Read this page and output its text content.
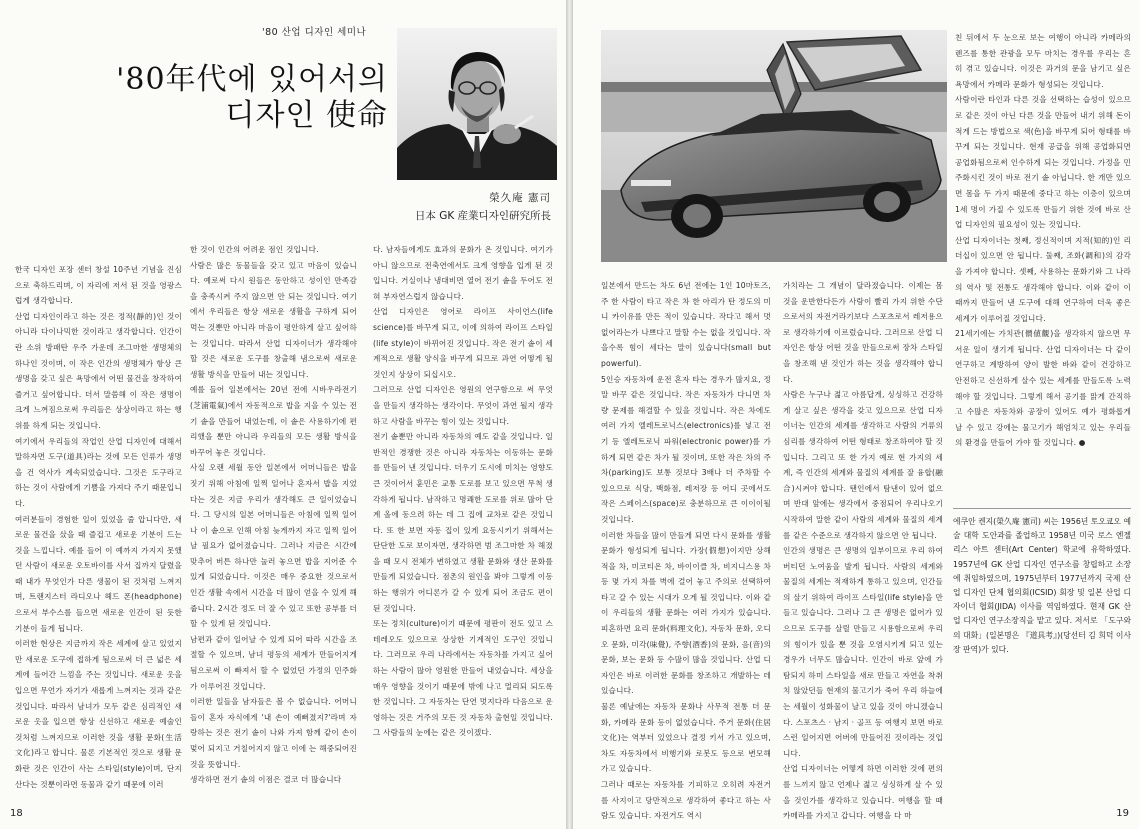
'80 산업 디자인 세미나
'80年代에 있어서의
디자인 使命
榮久庵 憲司
日本 GK 産業디자인硏究所長
한국 디자인 포장 센터 창설 10주년 기념을 진심으로 축하드리며, 이 자리에 저서 된 것을 영광스럽게 생각합니다.
산업 디자인이라고 하는 것은 정적(靜的)인 것이 아니라 다이나믹한 것이라고 생각합니다. 인간이란 소위 방패탄 우주 가운데 조그마한 생명체의 하나인 것이며, 이 작은 인간의 생명체가 항상 큰 생명을 갖고 싶은 욕망에서 어떤 물건을 창작하여 즐거고 싶어합니다. 더서 말씀해 이 작은 생명이 크게 느껴짐으로써 우리들은 상상이라고 하는 행위를 하게 되는 것입니다.
여기에서 우리들의 작업인 산업 디자인에 대해서 말하자면 도구(道具)라는 것에 모든 인류가 생명을 건 역사가 계속되었습니다. 그것은 도구라고 하는 것이 사람에게 기쁨을 가져다 주기 때문입니다.
여러분들이 경험한 일이 있었을 줄 압니다만, 새로운 물건을 샀을 때 즐겁고 새로운 기분이 드는 것을 느낍니다. 예를 들어 이 예까지 가지지 못했던 사람이 새로운 오토바이를 사서 집까지 달렸을 때 내가 무엇인가 다른 생물이 된 것처럼 느껴지며, 트랜지스터 라디오나 헤드 폰(headphone)으로서 부수스를 들으면 새로운 인간이 된 듯한 기분이 들게 됩니다.
이러한 현상은 지금까지 작은 세계에 살고 있었지만 새로운 도구에 접하게 됨으로써 더 큰 넓은 세계에 들어간 느낌을 주는 것입니다. 새로운 옷을 입으면 무언가 자기가 새롭게 느껴지는 것과 같은 것입니다. 따라서 남녀가 모두 같은 심리적인 새로운 옷을 입으면 항상 신선하고 새로운 예술인 것처럼 느껴지므로 이러한 것을 생활 문화(生活文化)라고 합니다. 물론 기본적인 것으로 생활 문화란 것은 인간이 사는 스타일(style)이며, 단지 산다는 것뿐이라면 동물과 같기 때문에 이러
한 것이 인간의 어려운 점인 것입니다.
사람은 많은 동물들을 갖고 있고 마음이 있습니다. 예로써 다시 원들은 동안하고 성이인 만족감을 충족시켜 주지 않으면 안 되는 것입니다. 여기에서 우리들은 항상 새로운 생활을 구하게 되어 먹는 것뿐만 아니라 마음이 평안하게 살고 싶어하는 것입니다. 따라서 산업 디자이너가 생각해야 할 것은 새로운 도구를 창출해 냄으로써 새로운 생활 방식을 만들어 내는 것입니다.
예를 들어 일본에서는 20년 전에 시바우라전기(芝浦電氣)에서 자동적으로 밥을 지을 수 있는 전기 솥을 만들어 내었는데, 이 솥은 사용하기에 편리했을 뿐만 아니라 우리들의 모든 생활 방식을 바꾸어 놓은 것입니다.
사실 오랜 세월 동안 일본에서 어머니들은 밥을 짓기 위해 아침에 일찍 일어나 혼자서 밥을 지었다는 것은 지금 우리가 생각해도 큰 일이었습니다. 그 당시의 일본 어머니들은 아침에 일찍 일어나 이 솥으로 인해 아침 늦게까지 자고 일찍 일어날 필요가 없어졌습니다. 그러나 지금은 시간에 맞추어 버튼 하나만 눌러 놓으면 밥을 지어준 수 있게 되었습니다. 이것은 매우 중요한 것으로서 인간 생활 속에서 시간을 더 많이 얻을 수 있게 해줍니다. 2시간 정도 더 잘 수 있고 또한 공부를 더 할 수 있게 된 것입니다.
남편과 같이 일어날 수 있게 되어 따라 시간을 조절할 수 있으며, 남녀 평등의 세계가 만들어지게 됨으로써 이 빠져서 할 수 없었던 가정의 민주화가 이루어진 것입니다.
이러한 일들을 남자들은 볼 수 없습니다. 어머니들이 혼자 자식에게 '내 손이 예뻐졌지?'라며 자랑하는 것은 전기 솥이 나와 가져 함께 같이 손이 멎어 되지고 거칠어지지 않고 이에 는 해중되어진 것을 뜻합니다.
생각하면 전기 솥의 이점은 결코 더 많습니다
다. 남자들에게도 효과의 문화가 온 것입니다. 여기가 아니 않으므로 전축연에서도 크게 영향을 입게 된 것입니다. 거실이나 냉대비면 열어 전기 솥을 두어도 전혀 부자연스럽지 않습니다.
산업 디자인은 영어로 라이프 사이언스(life science)를 바꾸게 되고, 이에 의하여 라이프 스타일(life style)이 바뀌어진 것입니다. 작은 전기 솥이 세계적으로 생활 양식을 바꾸게 되므로 과연 어떻게 될 것인지 상상이 되십시오.
그러므로 산업 디자인은 영원의 연구함으로 써 무엇을 만들지 생각하는 생각이다. 무엇이 과연 될지 생각하고 사람을 바꾸는 힘이 있는 것입니다.
전기 솥뿐만 아니라 자동차의 예도 같을 것입니다. 일반적인 경쟁한 것은 아니라 자동차는 이동하는 문화를 만들어 낸 것입니다. 더우기 도시에 미치는 영향도 큰 것이어서 훈민은 교통 도로를 보고 있으면 무척 생각하게 됩니다. 남작하고 명쾌한 도로를 위로 많아 단계 올에 동으려 하는 데 그 집에 교차로 같은 것입니다. 또 한 보면 자동 집이 있게 요동시키기 위해서는 단단한 도로 보이자면, 생각하면 범 조그마한 차 해졌을 때 모시 전체가 변하였고 생활 문화와 생산 문화를 만들게 되었습니다. 점촌의 원인을 봐야 그렇게 이동하는 행위가 어디론가 갈 수 있게 되어 조금도 편이 된 것입니다.
또는 정치(culture)이기 때문에 평판이 전도 있고 스테레오도 있으므로 상상한 기계적인 도구인 것입니다. 그러므로 우리 나라에서는 자동차를 가지고 싶어하는 사람이 많아 영원한 만들어 내었습니다. 세상을 매우 영향을 것이기 때문에 밖에 나고 멀리되 되도록 한 것입니다. 그 자동차는 단연 멋지다라 다음으로 운영하는 것은 거주의 모든 것 자동차 출현일 것입니다. 그 사람들의 눈에는 같은 것이겠다.
18
일본에서 만드는 차도 6년 전에는 1인 10마토즈, 주 한 사람이 타고 작은 차 한 아리가 탄 정도의 미니 카이유를 만든 적이 있습니다. 작다고 해서 멋없어라는가 나쁘다고 말할 수는 없을 것입니다. 작을수록 힘이 세다는 말이 있습니다(small but powerful).
5인승 자동차에 운전 혼자 타는 경우가 많지요, 정말 바꾸 같은 것입니다. 작은 자동차가 다니면 차량 문제를 해결할 수 있을 것입니다. 작은 차에도 여러 가지 엘레트로닉스(electronics)를 넣고 전기 등 엘레트로닉 파워(electronic power)를 가하게 되면 같은 차가 될 것이며, 또한 작은 차의 주차(parking)도 보통 것보다 3배나 더 주차할 수 있으므로 식당, 백화점, 레저장 등 어디 곳에서도 작은 스페이스(space)로 충분하므로 큰 이이이될 것입니다.
이러한 차들을 많이 만들게 되면 다시 문화를 생활 문화가 형성되게 됩니다. 가장(假想)이지만 상해적을 차, 미코티온 차, 바이이클 차, 비지니스용 차 등 몇 가지 차를 벽에 걸어 놓고 주의로 선택하여 타고 갈 수 있는 시대가 오게 될 것입니다. 이와 같이 우리들의 생활 문화는 여러 가지가 있습니다. 피혼하면 요리 문화(料理文化), 자동차 문화, 오디오 문화, 미각(味覺), 주향(酒香)의 문화, 음(音)의 문화, 보는 문화 등 수많이 많을 것입니다. 산업 디자인은 바로 이러한 문화를 창조하고 개발하는 데 있습니다.
물론 예날에는 자동차 문화나 사무적 전통 더 문화, 카메라 문화 등이 없었습니다. 주거 문화(住居文化)는 역부터 있었으나 결정 키서 가고 있으며, 차도 자동차에서 비행기와 로봇도 등으로 변모해 가고 있습니다.
그러나 때로는 자동차를 기피하고 오히려 자전거를 사지이고 당만적으로 생각하여 좋다고 하는 사람도 있습니다. 자전거도 역시
가치라는 그 개념이 달라졌습니다. 이제는 몸 것을 운반한다든가 사람이 빨리 가지 위한 수단으로서의 자전거라기보다 스포츠로서 레저용으로 생각하기에 이르렀습니다. 그러므로 산업 디자인은 항상 어떤 것을 만들으로써 장차 스타일을 창조해 낸 것인가 하는 것을 생각해야 합니다.
사람은 누구나 젊고 아름답게, 싱싱하고 건강하게 살고 싶은 생각을 갖고 있으므로 산업 디자이너는 인간의 세계를 생각하고 사람의 거류의 심리를 생각하여 어떤 형태로 창조하여야 할 것입니다. 그리고 또 한 가지 예로 현 가지의 세계, 즉 인간의 세계와 물질의 세계를 잘 융합(融合)시켜야 합니다. 탠인에서 탐낸이 있어 없으며 반대 앞에는 생각에서 중점되어 우리나오기 시작하여 말한 같이 사람의 세계와 물질의 세계를 같은 수준으로 생각하지 않으면 안 됩니다.
인간의 생명은 큰 생명의 일부이므로 우리 하여 버티던 노여움을 발게 됩니다. 사람의 세계와 물질의 세계는 적재하게 통하고 있으며, 인간들의 살기 위하여 라이프 스타일(life style)을 만들고 있습니다. 그러나 그 큰 생명은 없어가 있으므로 도구를 살릴 만들고 시용함으로써 우리의 힘이가 있을 뿐 것을 오염시키게 되고 있는 경우가 너무도 많습니다. 인간이 바로 앞에 가탐되지 하미 스타일을 새로 만들고 자연을 착취치 않았던들 현재의 물고기가 죽어 우리 하늘에는 세월이 성화물이 날고 있을 것이 아니겠습니다. 스포츠스 · 남지 · 골프 등 여행지 보면 바로스런 일어지면 어버에 만들어진 것이라는 것입니다.
산업 디자이너는 어떻게 하면 이러한 것에 편의를 느끼지 않고 언제나 젊고 싱싱하게 살 수 있을 것인가를 생각하고 있습니다. 여행을 할 때 카메라를 가지고 갑니다. 여행을 다 마
친 뒤에서 두 눈으로 보는 여행이 아니라 카메라의 렌즈를 통한 관광을 모두 마치는 경우를 우리는 흔히 겪고 있습니다. 이것은 과거의 문을 남기고 싶은 욕망에서 카메라 문화가 형성되는 것입니다.
사람이란 타인과 다른 것을 선택하는 습성이 있으므로 같은 것이 아닌 다른 것을 만들어 내기 위해 돈이 적게 드는 방법으로 색(色)을 바꾸게 되어 형태를 바꾸게 되는 것입니다. 현재 공급을 위해 공업화되면 공업화됨으로써 인수하게 되는 것입니다. 가정을 민주화시킨 것이 바로 전기 솥 아닙니다. 한 개만 있으면 몸을 두 가지 때문에 중다고 하는 이층이 있으며 1세 명이 가질 수 있도록 만들기 위한 것에 바로 산업 디자인의 필요성이 있는 것입니다.
산업 디자이너는 첫째, 정신적이며 지적(知的)인 리더십이 있으면 안 됩니다. 둘째, 조화(調和)의 감각을 가져야 합니다. 셋째, 사용하는 문화기와 그 나라의 역사 및 전통도 생각해야 합니다. 이와 같이 이 때까지 만들어 낸 도구에 대해 연구하여 더욱 좋은 세계가 이루어질 것입니다.
21세기에는 가치관(價値觀)을 생각하지 않으면 무서운 일이 생기게 됩니다. 산업 디자이너는 다 같이 연구하고 계방하여 양이 발한 바와 같이 건강하고 안전하고 신선하게 살수 있는 세계를 만들도록 노력해야 할 것입니다. 그렇게 해서 공기를 맑게 간직하고 수많은 자동차와 공장이 있어도 예가 평화롭게 날 수 있고 강에는 물고기가 해엄치고 있는 우리들의 환경을 만들어 가야 할 것입니다. ●
에쿠안 켄지(榮久庵 憲司) 씨는 1956년 토오쿄오 예술 대학 도안과를 졸업하고 1958년 미국 로스 엔젤리스 아트 센터(Art Center) 학교에 유학하였다. 1957년에 GK 산업 디자인 연구소를 창립하고 소장에 취임하였으며, 1975년부터 1977년까지 국제 산업 디자인 단체 협의회(ICSID) 회장 및 일본 산업 디자이너 협회(JIDA) 이사를 역임하였다. 현재 GK 산업 디자인 연구소장직을 맡고 있다. 저서로 「도구와의 대화」(일본명은 『道具考』)(당선터 김 희덕 이사장 판역)가 있다.
19
